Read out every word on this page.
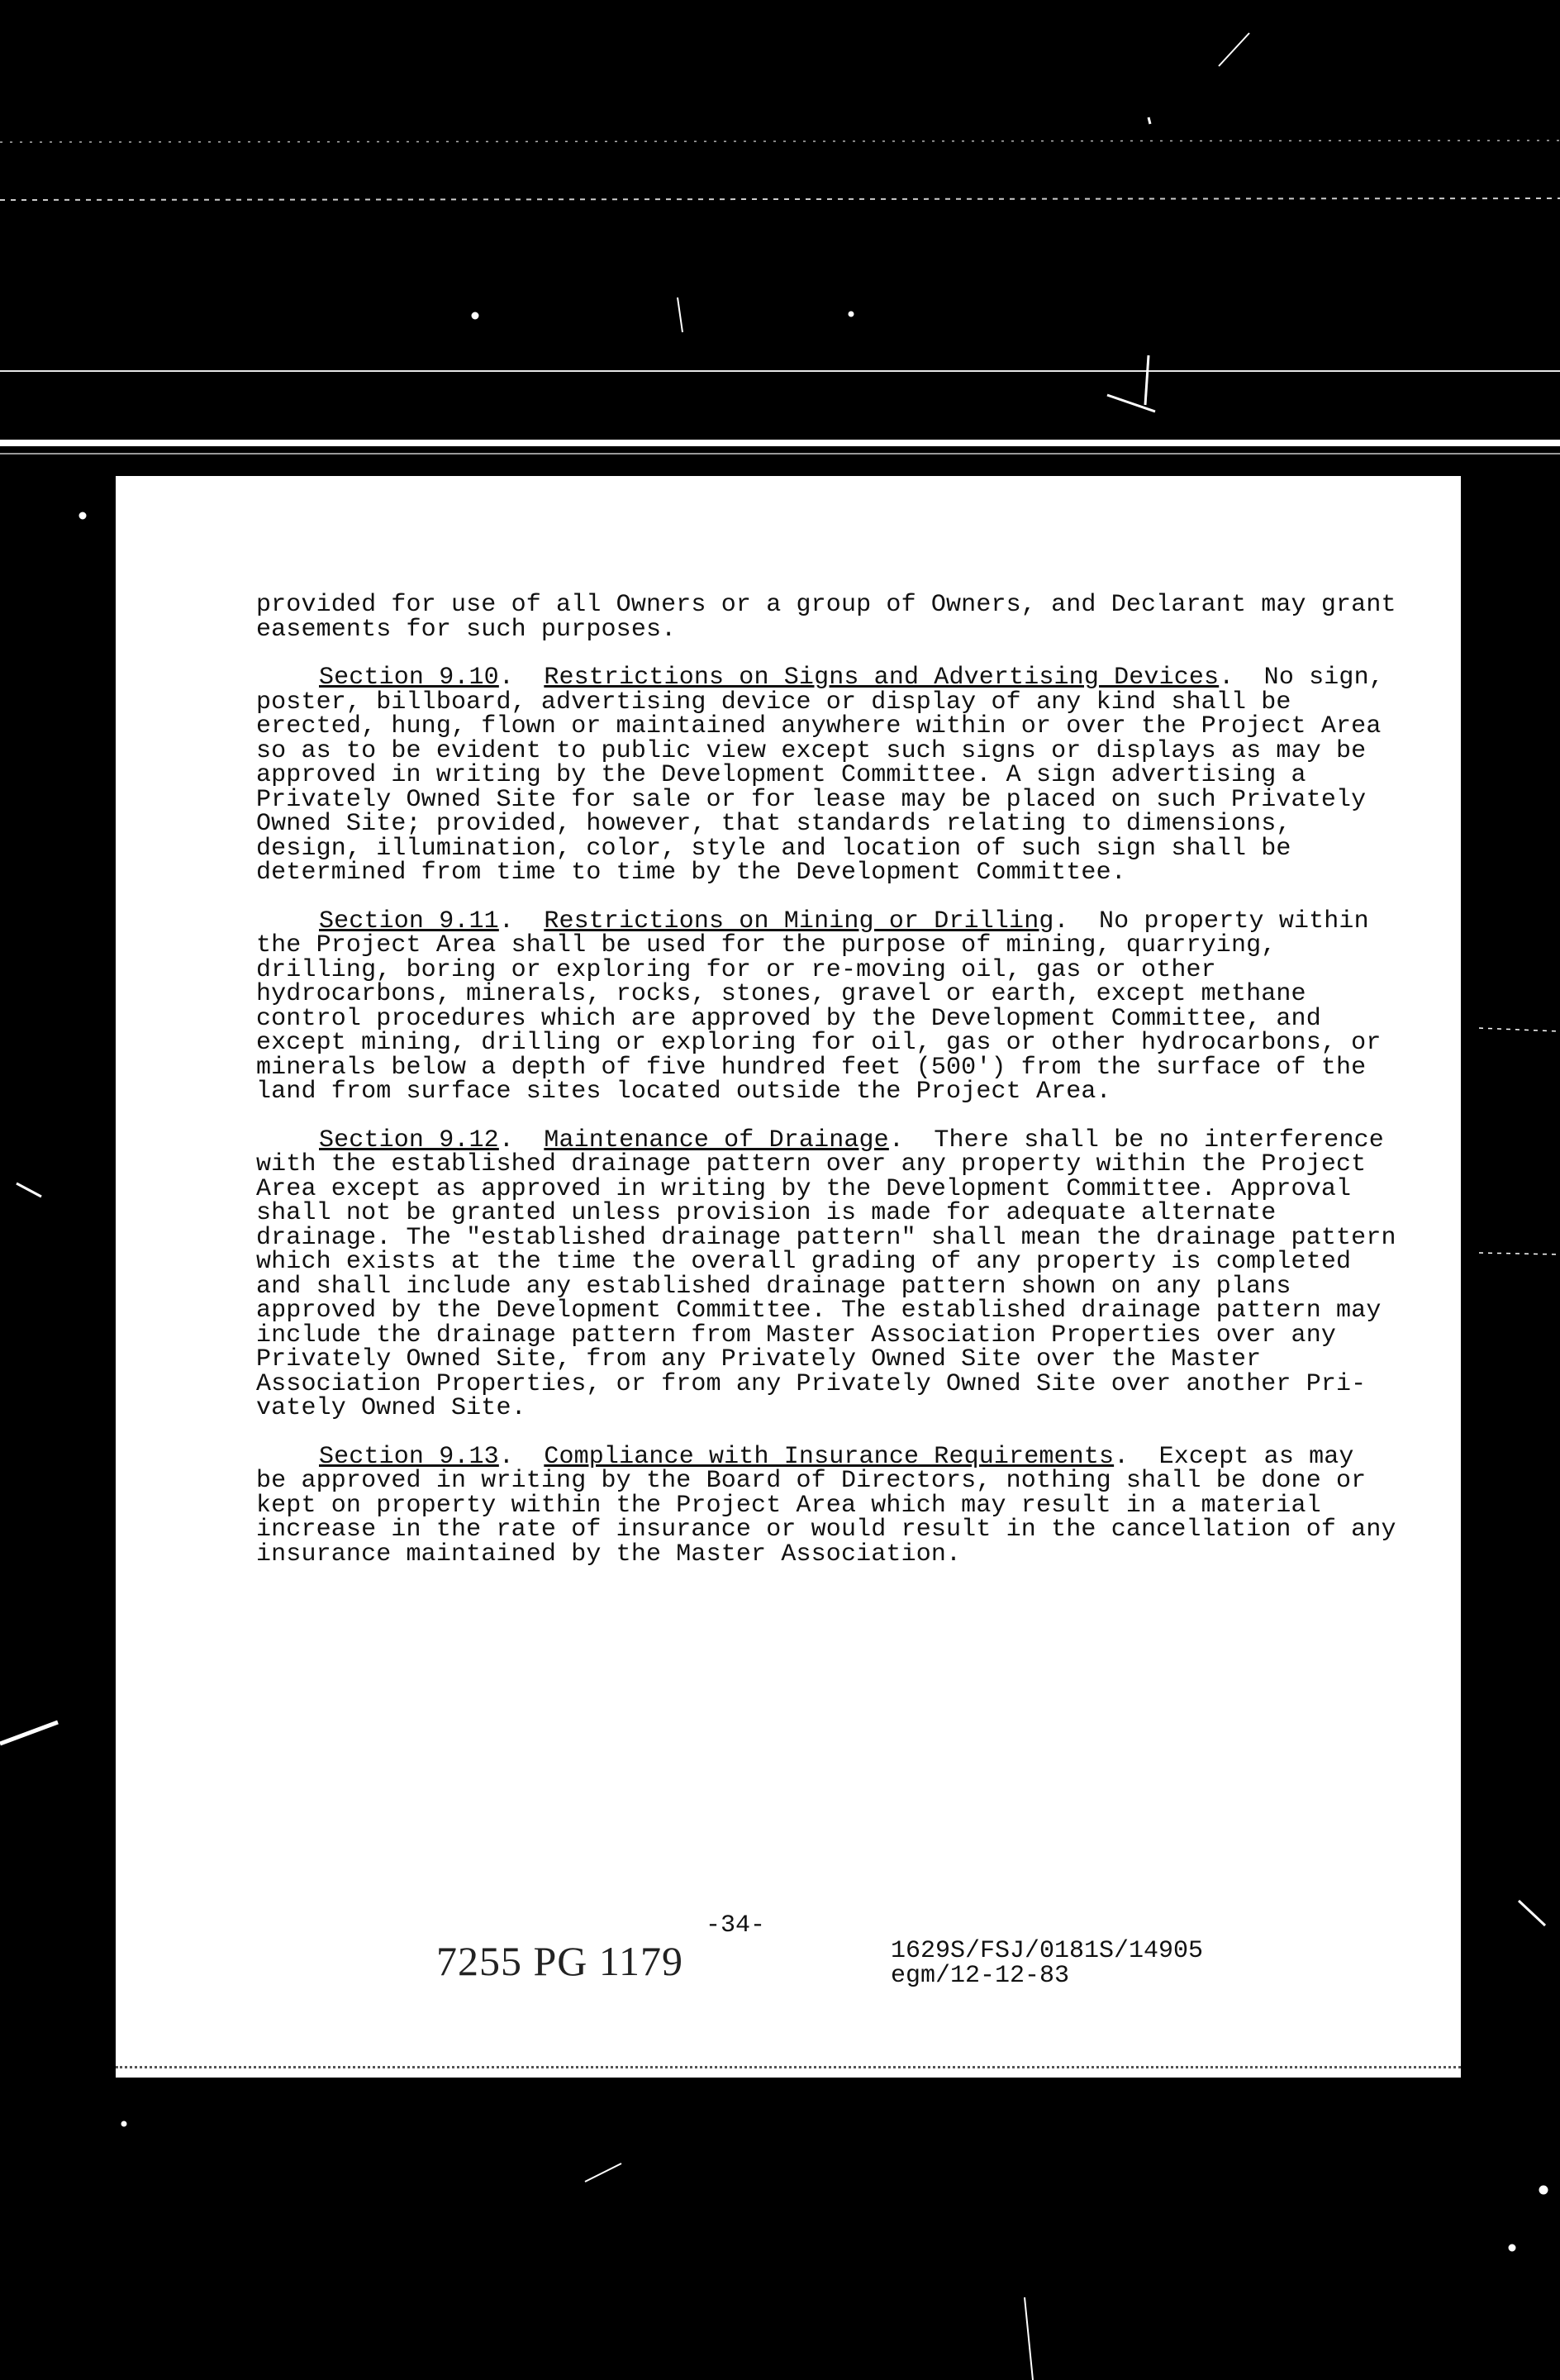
provided for use of all Owners or a group of Owners, and Declarant may grant easements for such purposes.

Section 9.10.  Restrictions on Signs and Advertising Devices.  No sign, poster, billboard, advertising device or display of any kind shall be erected, hung, flown or maintained anywhere within or over the Project Area so as to be evident to public view except such signs or displays as may be approved in writing by the Development Committee. A sign advertising a Privately Owned Site for sale or for lease may be placed on such Privately Owned Site; provided, however, that standards relating to dimensions, design, illumination, color, style and location of such sign shall be determined from time to time by the Development Committee.

Section 9.11.  Restrictions on Mining or Drilling.  No property within the Project Area shall be used for the purpose of mining, quarrying, drilling, boring or exploring for or re-moving oil, gas or other hydrocarbons, minerals, rocks, stones, gravel or earth, except methane control procedures which are approved by the Development Committee, and except mining, drilling or exploring for oil, gas or other hydrocarbons, or minerals below a depth of five hundred feet (500') from the surface of the land from surface sites located outside the Project Area.

Section 9.12.  Maintenance of Drainage.  There shall be no interference with the established drainage pattern over any property within the Project Area except as approved in writing by the Development Committee. Approval shall not be granted unless provision is made for adequate alternate drainage. The "established drainage pattern" shall mean the drainage pattern which exists at the time the overall grading of any property is completed and shall include any established drainage pattern shown on any plans approved by the Development Committee. The established drainage pattern may include the drainage pattern from Master Association Properties over any Privately Owned Site, from any Privately Owned Site over the Master Association Properties, or from any Privately Owned Site over another Pri-vately Owned Site.

Section 9.13.  Compliance with Insurance Requirements.  Except as may be approved in writing by the Board of Directors, nothing shall be done or kept on property within the Project Area which may result in a material increase in the rate of insurance or would result in the cancellation of any insurance maintained by the Master Association.

-34-
7255 PG 1179	1629S/FSJ/0181S/14905
egm/12-12-83
